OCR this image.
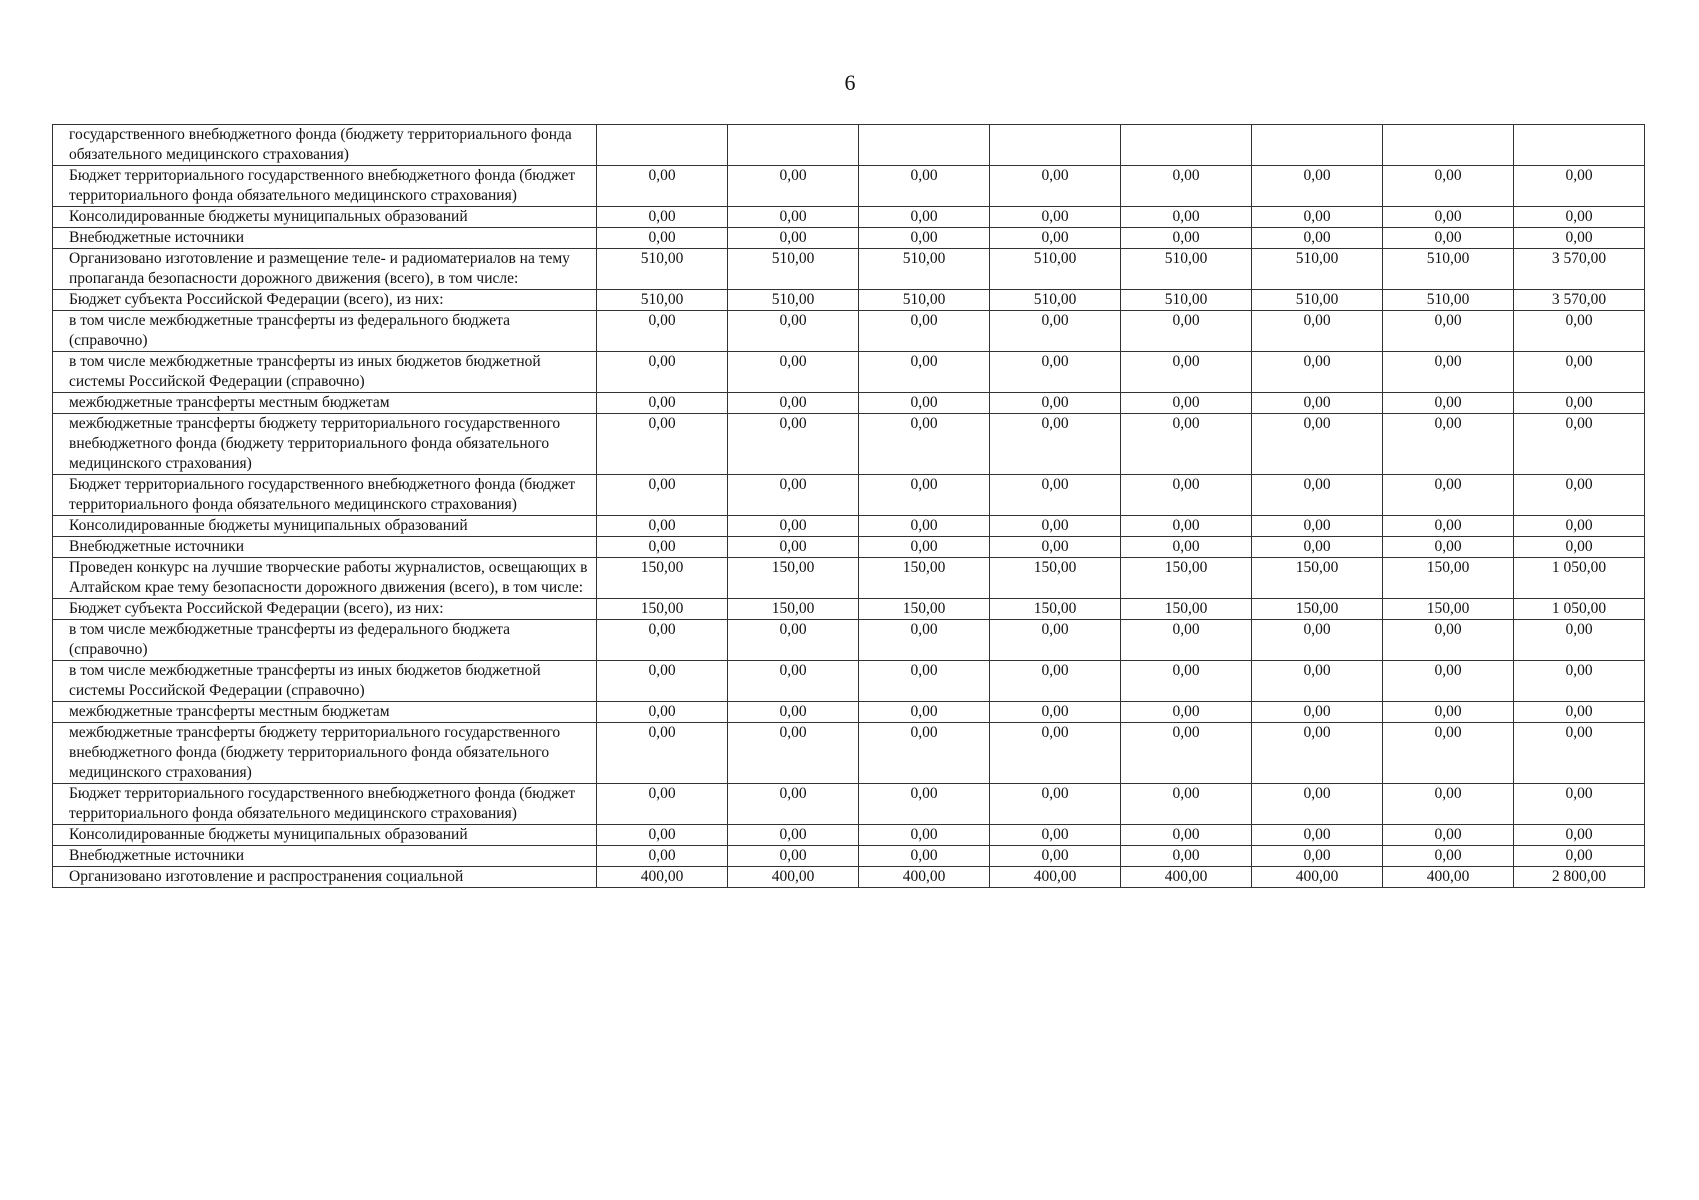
6
государственного внебюджетного фонда (бюджету территориального фонда обязательного медицинского страхования)								
Бюджет территориального государственного внебюджетного фонда (бюджет территориального фонда обязательного медицинского страхования)	0,00	0,00	0,00	0,00	0,00	0,00	0,00	0,00
Консолидированные бюджеты муниципальных образований	0,00	0,00	0,00	0,00	0,00	0,00	0,00	0,00
Внебюджетные источники	0,00	0,00	0,00	0,00	0,00	0,00	0,00	0,00
Организовано изготовление и размещение теле- и радиоматериалов на тему пропаганда безопасности дорожного движения (всего), в том числе:	510,00	510,00	510,00	510,00	510,00	510,00	510,00	3 570,00
Бюджет субъекта Российской Федерации (всего), из них:	510,00	510,00	510,00	510,00	510,00	510,00	510,00	3 570,00
в том числе межбюджетные трансферты из федерального бюджета (справочно)	0,00	0,00	0,00	0,00	0,00	0,00	0,00	0,00
в том числе межбюджетные трансферты из иных бюджетов бюджетной системы Российской Федерации (справочно)	0,00	0,00	0,00	0,00	0,00	0,00	0,00	0,00
межбюджетные трансферты местным бюджетам	0,00	0,00	0,00	0,00	0,00	0,00	0,00	0,00
межбюджетные трансферты бюджету территориального государственного внебюджетного фонда (бюджету территориального фонда обязательного медицинского страхования)	0,00	0,00	0,00	0,00	0,00	0,00	0,00	0,00
Бюджет территориального государственного внебюджетного фонда (бюджет территориального фонда обязательного медицинского страхования)	0,00	0,00	0,00	0,00	0,00	0,00	0,00	0,00
Консолидированные бюджеты муниципальных образований	0,00	0,00	0,00	0,00	0,00	0,00	0,00	0,00
Внебюджетные источники	0,00	0,00	0,00	0,00	0,00	0,00	0,00	0,00
Проведен конкурс на лучшие творческие работы журналистов, освещающих в Алтайском крае тему безопасности дорожного движения (всего), в том числе:	150,00	150,00	150,00	150,00	150,00	150,00	150,00	1 050,00
Бюджет субъекта Российской Федерации (всего), из них:	150,00	150,00	150,00	150,00	150,00	150,00	150,00	1 050,00
в том числе межбюджетные трансферты из федерального бюджета (справочно)	0,00	0,00	0,00	0,00	0,00	0,00	0,00	0,00
в том числе межбюджетные трансферты из иных бюджетов бюджетной системы Российской Федерации (справочно)	0,00	0,00	0,00	0,00	0,00	0,00	0,00	0,00
межбюджетные трансферты местным бюджетам	0,00	0,00	0,00	0,00	0,00	0,00	0,00	0,00
межбюджетные трансферты бюджету территориального государственного внебюджетного фонда (бюджету территориального фонда обязательного медицинского страхования)	0,00	0,00	0,00	0,00	0,00	0,00	0,00	0,00
Бюджет территориального государственного внебюджетного фонда (бюджет территориального фонда обязательного медицинского страхования)	0,00	0,00	0,00	0,00	0,00	0,00	0,00	0,00
Консолидированные бюджеты муниципальных образований	0,00	0,00	0,00	0,00	0,00	0,00	0,00	0,00
Внебюджетные источники	0,00	0,00	0,00	0,00	0,00	0,00	0,00	0,00
Организовано изготовление и распространения социальной	400,00	400,00	400,00	400,00	400,00	400,00	400,00	2 800,00
